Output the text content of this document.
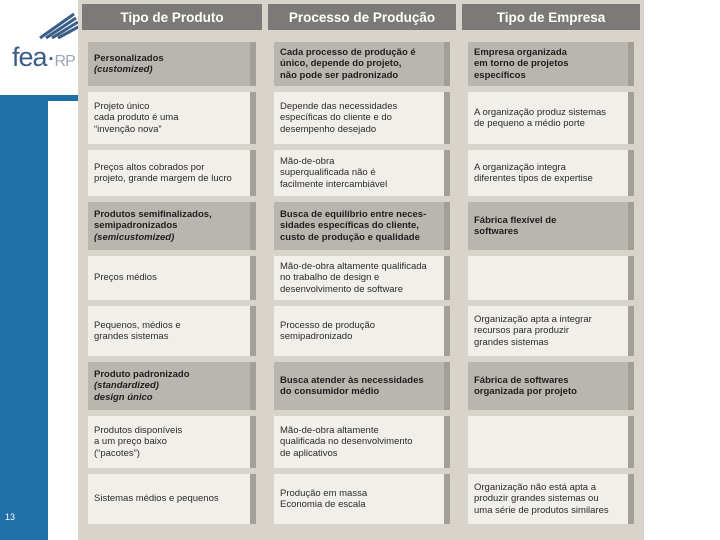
fea·RP
13
Tipo de Produto
Personalizados
(customized)
Projeto único
cada produto é uma
“invenção nova”
Preços altos cobrados por
projeto, grande margem de lucro
Produtos semifinalizados,
semipadronizados
(semicustomized)
Preços médios
Pequenos, médios e
grandes sistemas
Produto padronizado
(standardized)
design único
Produtos disponíveis
a um preço baixo
(“pacotes”)
Sistemas médios e pequenos
Processo de Produção
Cada processo de produção é
único, depende do projeto,
não pode ser padronizado
Depende das necessidades
específicas do cliente e do
desempenho desejado
Mão-de-obra
superqualificada não é
facilmente intercambiável
Busca de equilíbrio entre neces-
sidades específicas do cliente,
custo de produção e qualidade
Mão-de-obra altamente qualificada
no trabalho de design e
desenvolvimento de software
Processo de produção
semipadronizado
Busca atender às necessidades
do consumidor médio
Mão-de-obra altamente
qualificada no desenvolvimento
de aplicativos
Produção em massa
Economia de escala
Tipo de Empresa
Empresa organizada
em torno de projetos
específicos
A organização produz sistemas
de pequeno a médio porte
A organização integra
diferentes tipos de expertise
Fábrica flexível de
softwares
Organização apta a integrar
recursos para produzir
grandes sistemas
Fábrica de softwares
organizada por projeto
Organização não está apta a
produzir grandes sistemas ou
uma série de produtos similares
